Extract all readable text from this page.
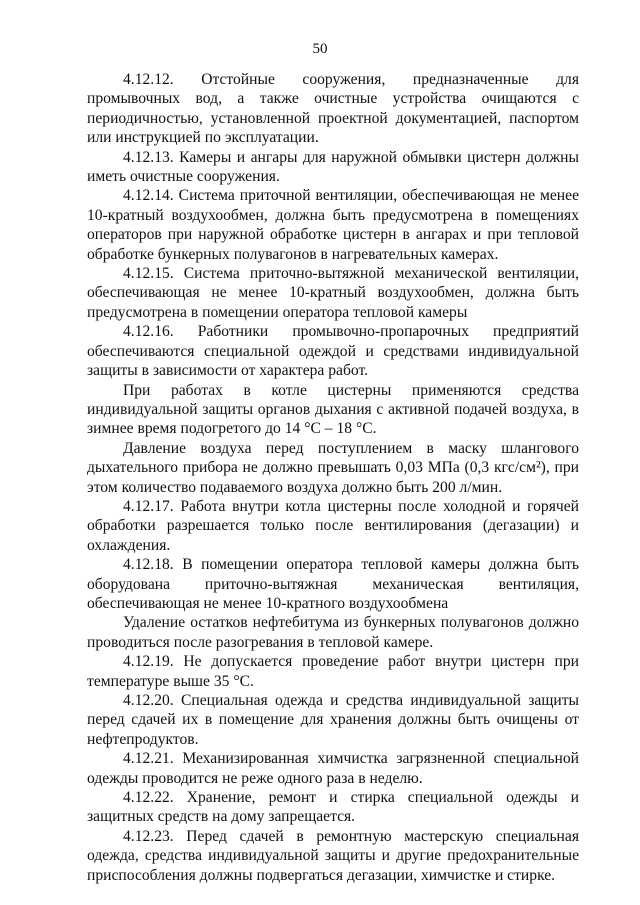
50

4.12.12. Отстойные сооружения, предназначенные для промывочных вод, а также очистные устройства очищаются с периодичностью, установленной проектной документацией, паспортом или инструкцией по эксплуатации.

4.12.13. Камеры и ангары для наружной обмывки цистерн должны иметь очистные сооружения.

4.12.14. Система приточной вентиляции, обеспечивающая не менее 10-кратный воздухообмен, должна быть предусмотрена в помещениях операторов при наружной обработке цистерн в ангарах и при тепловой обработке бункерных полувагонов в нагревательных камерах.

4.12.15. Система приточно-вытяжной механической вентиляции, обеспечивающая не менее 10-кратный воздухообмен, должна быть предусмотрена в помещении оператора тепловой камеры

4.12.16. Работники промывочно-пропарочных предприятий обеспечиваются специальной одеждой и средствами индивидуальной защиты в зависимости от характера работ.

При работах в котле цистерны применяются средства индивидуальной защиты органов дыхания с активной подачей воздуха, в зимнее время подогретого до 14 °С – 18 °С.

Давление воздуха перед поступлением в маску шлангового дыхательного прибора не должно превышать 0,03 МПа (0,3 кгс/см²), при этом количество подаваемого воздуха должно быть 200 л/мин.

4.12.17. Работа внутри котла цистерны после холодной и горячей обработки разрешается только после вентилирования (дегазации) и охлаждения.

4.12.18. В помещении оператора тепловой камеры должна быть оборудована приточно-вытяжная механическая вентиляция, обеспечивающая не менее 10-кратного воздухообмена

Удаление остатков нефтебитума из бункерных полувагонов должно проводиться после разогревания в тепловой камере.

4.12.19. Не допускается проведение работ внутри цистерн при температуре выше 35 °С.

4.12.20. Специальная одежда и средства индивидуальной защиты перед сдачей их в помещение для хранения должны быть очищены от нефтепродуктов.

4.12.21. Механизированная химчистка загрязненной специальной одежды проводится не реже одного раза в неделю.

4.12.22. Хранение, ремонт и стирка специальной одежды и защитных средств на дому запрещается.

4.12.23. Перед сдачей в ремонтную мастерскую специальная одежда, средства индивидуальной защиты и другие предохранительные приспособления должны подвергаться дегазации, химчистке и стирке.
